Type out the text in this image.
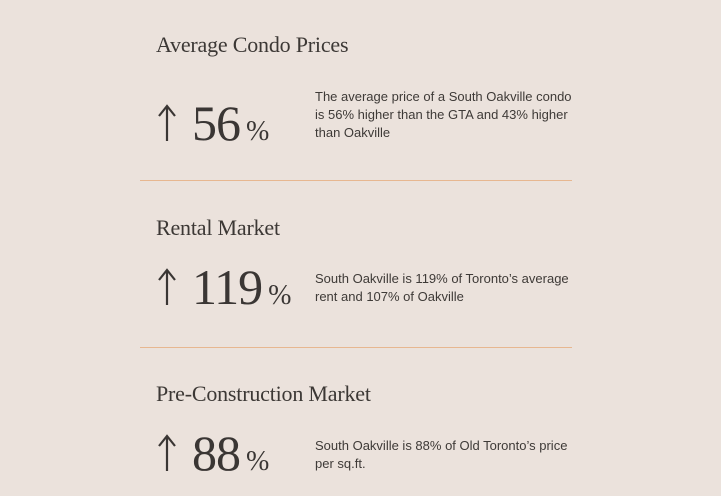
Average Condo Prices
56 %
The average price of a South Oakville condo is 56% higher than the GTA and 43% higher than Oakville
Rental Market
119 %
South Oakville is 119% of Toronto’s average rent and 107% of Oakville
Pre-Construction Market
88 %
South Oakville is 88% of Old Toronto’s price per sq.ft.
